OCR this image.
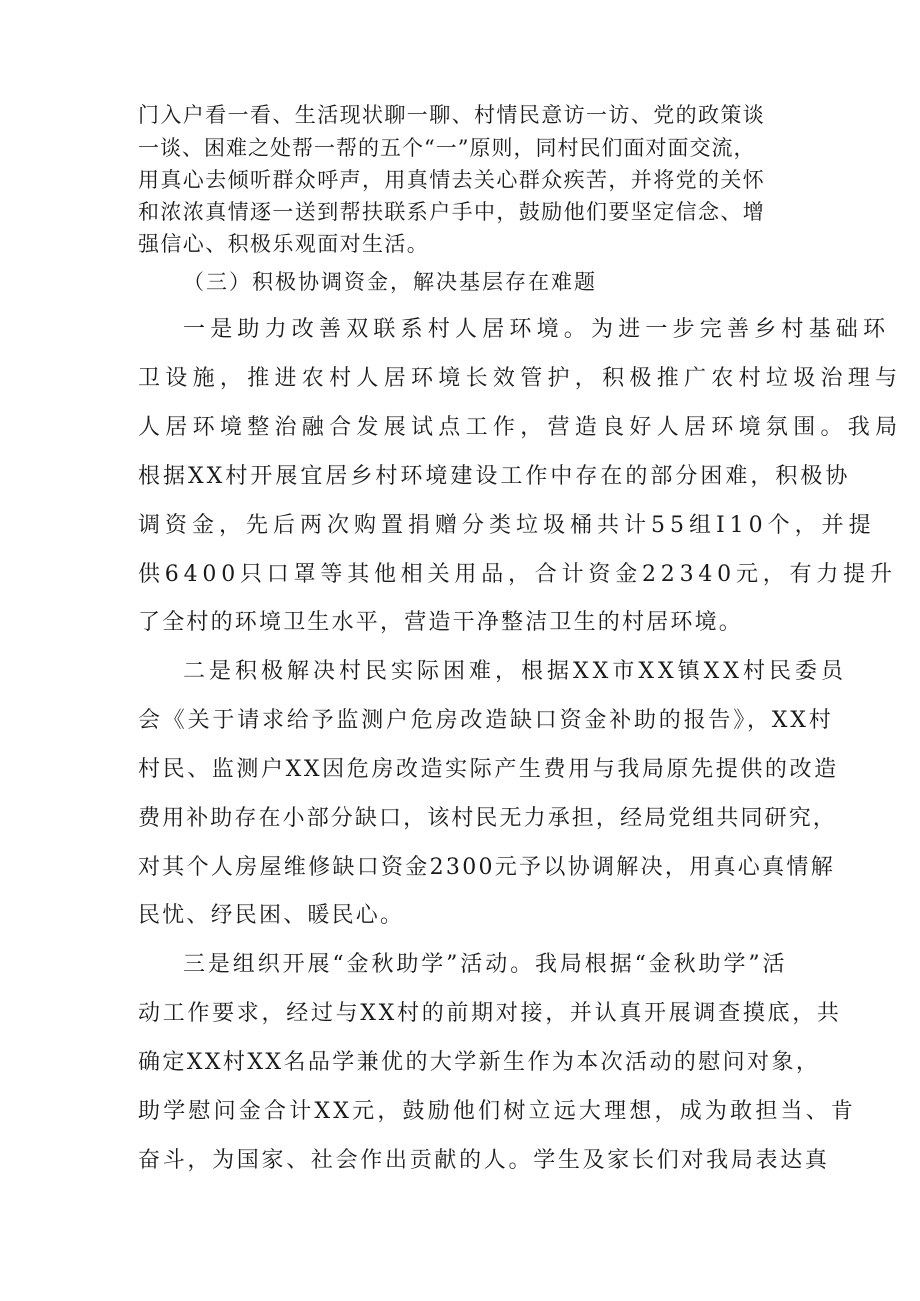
门入户看一看、生活现状聊一聊、村情民意访一访、党的政策谈
一谈、困难之处帮一帮的五个“一”原则，同村民们面对面交流，
用真心去倾听群众呼声，用真情去关心群众疾苦，并将党的关怀
和浓浓真情逐一送到帮扶联系户手中，鼓励他们要坚定信念、增
强信心、积极乐观面对生活。
（三）积极协调资金，解决基层存在难题
一是助力改善双联系村人居环境。为进一步完善乡村基础环
卫设施，推进农村人居环境长效管护，积极推广农村垃圾治理与
人居环境整治融合发展试点工作，营造良好人居环境氛围。我局
根据XX村开展宜居乡村环境建设工作中存在的部分困难，积极协
调资金，先后两次购置捐赠分类垃圾桶共计55组I10个，并提
供6400只口罩等其他相关用品，合计资金22340元，有力提升
了全村的环境卫生水平，营造干净整洁卫生的村居环境。
二是积极解决村民实际困难，根据XX市XX镇XX村民委员
会《关于请求给予监测户危房改造缺口资金补助的报告》，XX村
村民、监测户XX因危房改造实际产生费用与我局原先提供的改造
费用补助存在小部分缺口，该村民无力承担，经局党组共同研究，
对其个人房屋维修缺口资金2300元予以协调解决，用真心真情解
民忧、纾民困、暖民心。
三是组织开展“金秋助学”活动。我局根据“金秋助学”活
动工作要求，经过与XX村的前期对接，并认真开展调查摸底，共
确定XX村XX名品学兼优的大学新生作为本次活动的慰问对象，
助学慰问金合计XX元，鼓励他们树立远大理想，成为敢担当、肯
奋斗，为国家、社会作出贡献的人。学生及家长们对我局表达真
